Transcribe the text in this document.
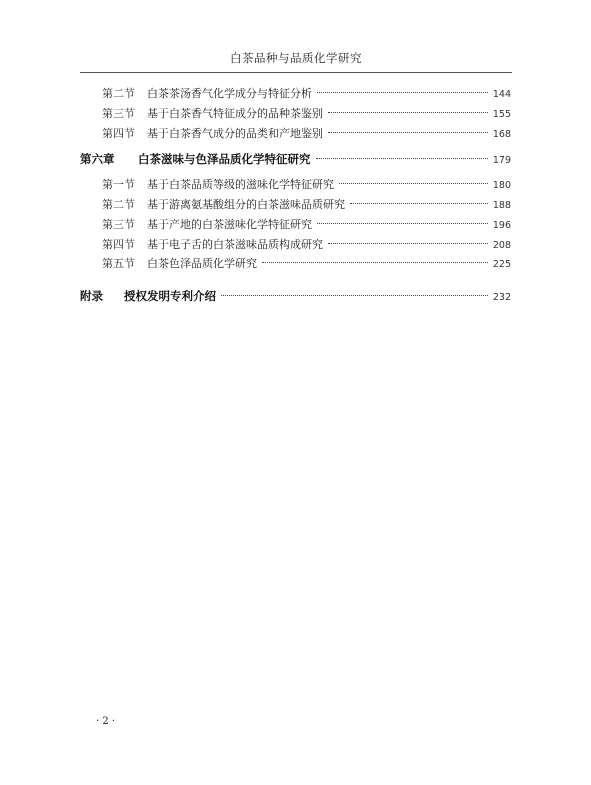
白茶品种与品质化学研究
第二节	白茶茶汤香气化学成分与特征分析	144
第三节	基于白茶香气特征成分的品种茶鉴别	155
第四节	基于白茶香气成分的品类和产地鉴别	168
第六章	白茶滋味与色泽品质化学特征研究	179
第一节	基于白茶品质等级的滋味化学特征研究	180
第二节	基于游离氨基酸组分的白茶滋味品质研究	188
第三节	基于产地的白茶滋味化学特征研究	196
第四节	基于电子舌的白茶滋味品质构成研究	208
第五节	白茶色泽品质化学研究	225
附录	授权发明专利介绍	232
· 2 ·
